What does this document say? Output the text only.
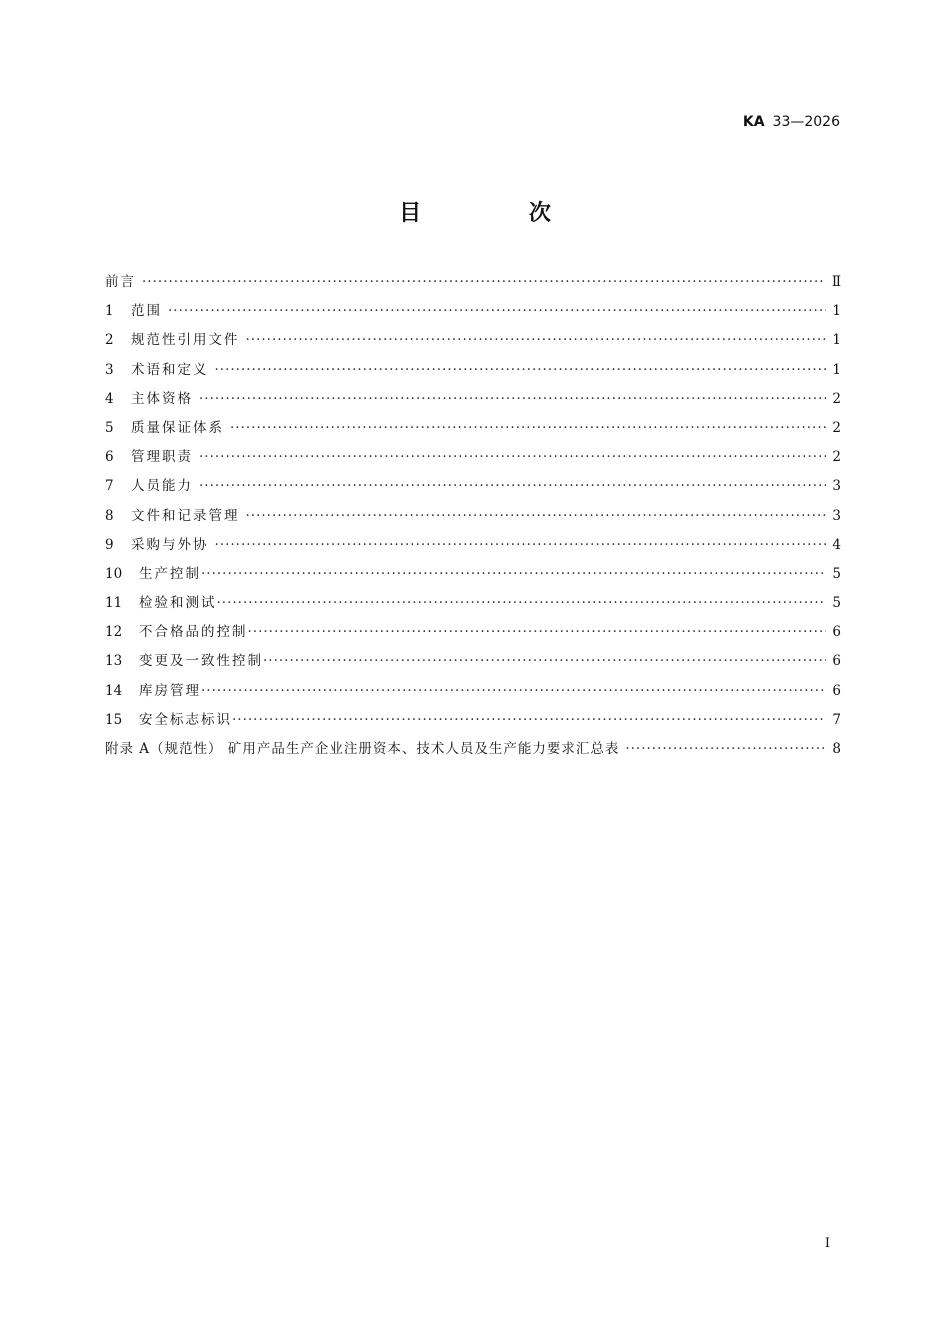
KA 33—2026
目 次
前言 ·····	Ⅱ
1	范围 ·····	1
2	规范性引用文件 ·····	1
3	术语和定义 ·····	1
4	主体资格 ·····	2
5	质量保证体系 ·····	2
6	管理职责 ·····	2
7	人员能力 ·····	3
8	文件和记录管理 ·····	3
9	采购与外协 ·····	4
10	生产控制 ·····	5
11	检验和测试 ·····	5
12	不合格品的控制 ·····	6
13	变更及一致性控制 ·····	6
14	库房管理 ·····	6
15	安全标志标识 ·····	7
附录 A（规范性） 矿用产品生产企业注册资本、技术人员及生产能力要求汇总表 ·····	8
I
